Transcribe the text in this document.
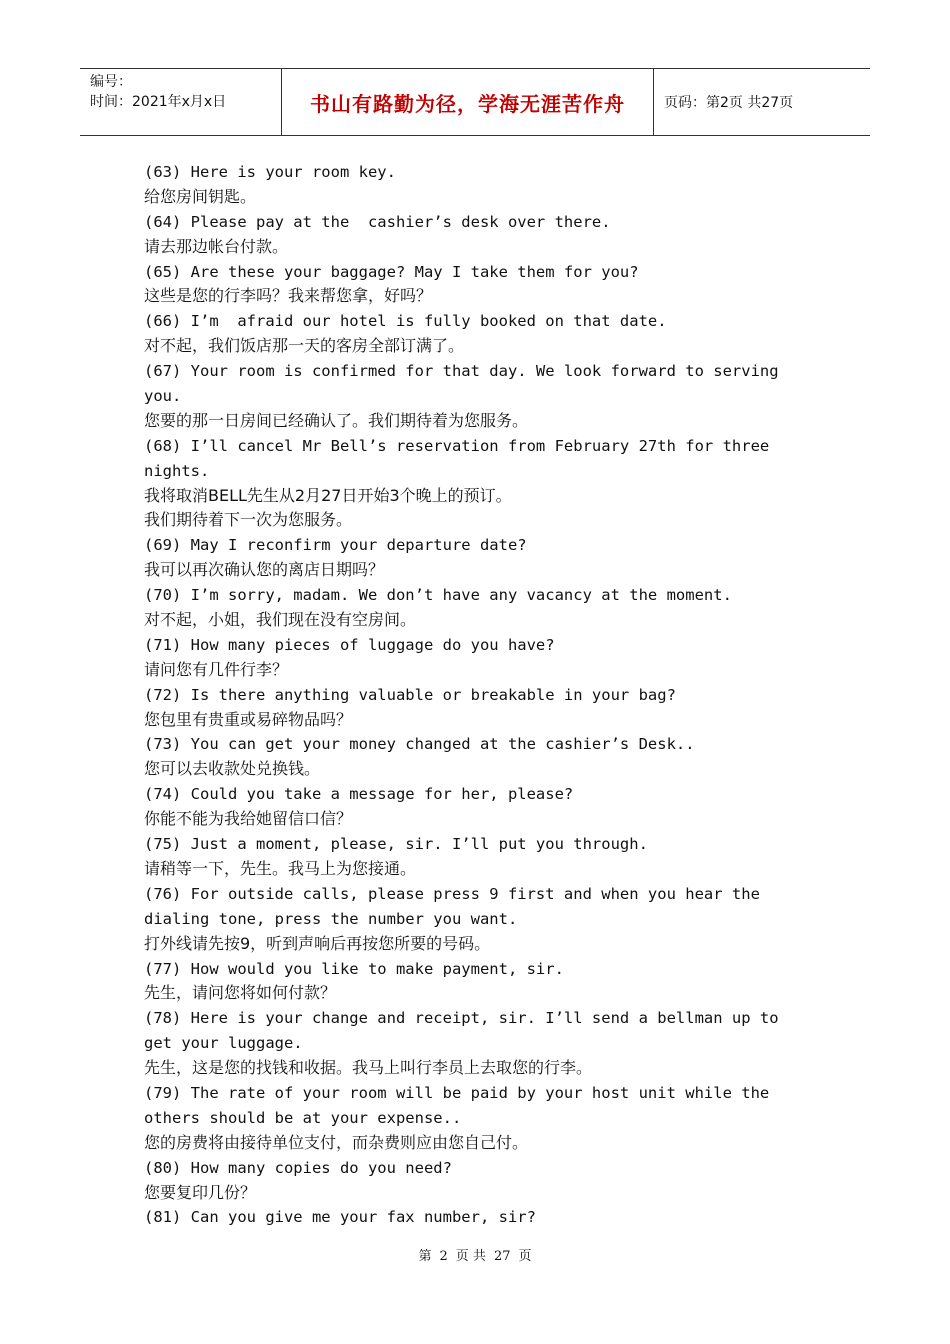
编号：
时间：2021年x月x日	书山有路勤为径，学海无涯苦作舟	页码：第2页 共27页
(63) Here is your room key.
给您房间钥匙。
(64) Please pay at the  cashier’s desk over there.
请去那边帐台付款。
(65) Are these your baggage? May I take them for you?
这些是您的行李吗？我来帮您拿，好吗？
(66) I’m  afraid our hotel is fully booked on that date.
对不起，我们饭店那一天的客房全部订满了。
(67) Your room is confirmed for that day. We look forward to serving
you.
您要的那一日房间已经确认了。我们期待着为您服务。
(68) I’ll cancel Mr Bell’s reservation from February 27th for three
nights.
我将取消BELL先生从2月27日开始3个晚上的预订。
我们期待着下一次为您服务。
(69) May I reconfirm your departure date?
我可以再次确认您的离店日期吗？
(70) I’m sorry, madam. We don’t have any vacancy at the moment.
对不起，小姐，我们现在没有空房间。
(71) How many pieces of luggage do you have?
请问您有几件行李？
(72) Is there anything valuable or breakable in your bag?
您包里有贵重或易碎物品吗？
(73) You can get your money changed at the cashier’s Desk..
您可以去收款处兑换钱。
(74) Could you take a message for her, please?
你能不能为我给她留信口信？
(75) Just a moment, please, sir. I’ll put you through.
请稍等一下，先生。我马上为您接通。
(76) For outside calls, please press 9 first and when you hear the
dialing tone, press the number you want.
打外线请先按9，听到声响后再按您所要的号码。
(77) How would you like to make payment, sir.
先生，请问您将如何付款？
(78) Here is your change and receipt, sir. I’ll send a bellman up to
get your luggage.
先生，这是您的找钱和收据。我马上叫行李员上去取您的行李。
(79) The rate of your room will be paid by your host unit while the
others should be at your expense..
您的房费将由接待单位支付，而杂费则应由您自己付。
(80) How many copies do you need?
您要复印几份？
(81) Can you give me your fax number, sir?
第 2 页 共 27 页
